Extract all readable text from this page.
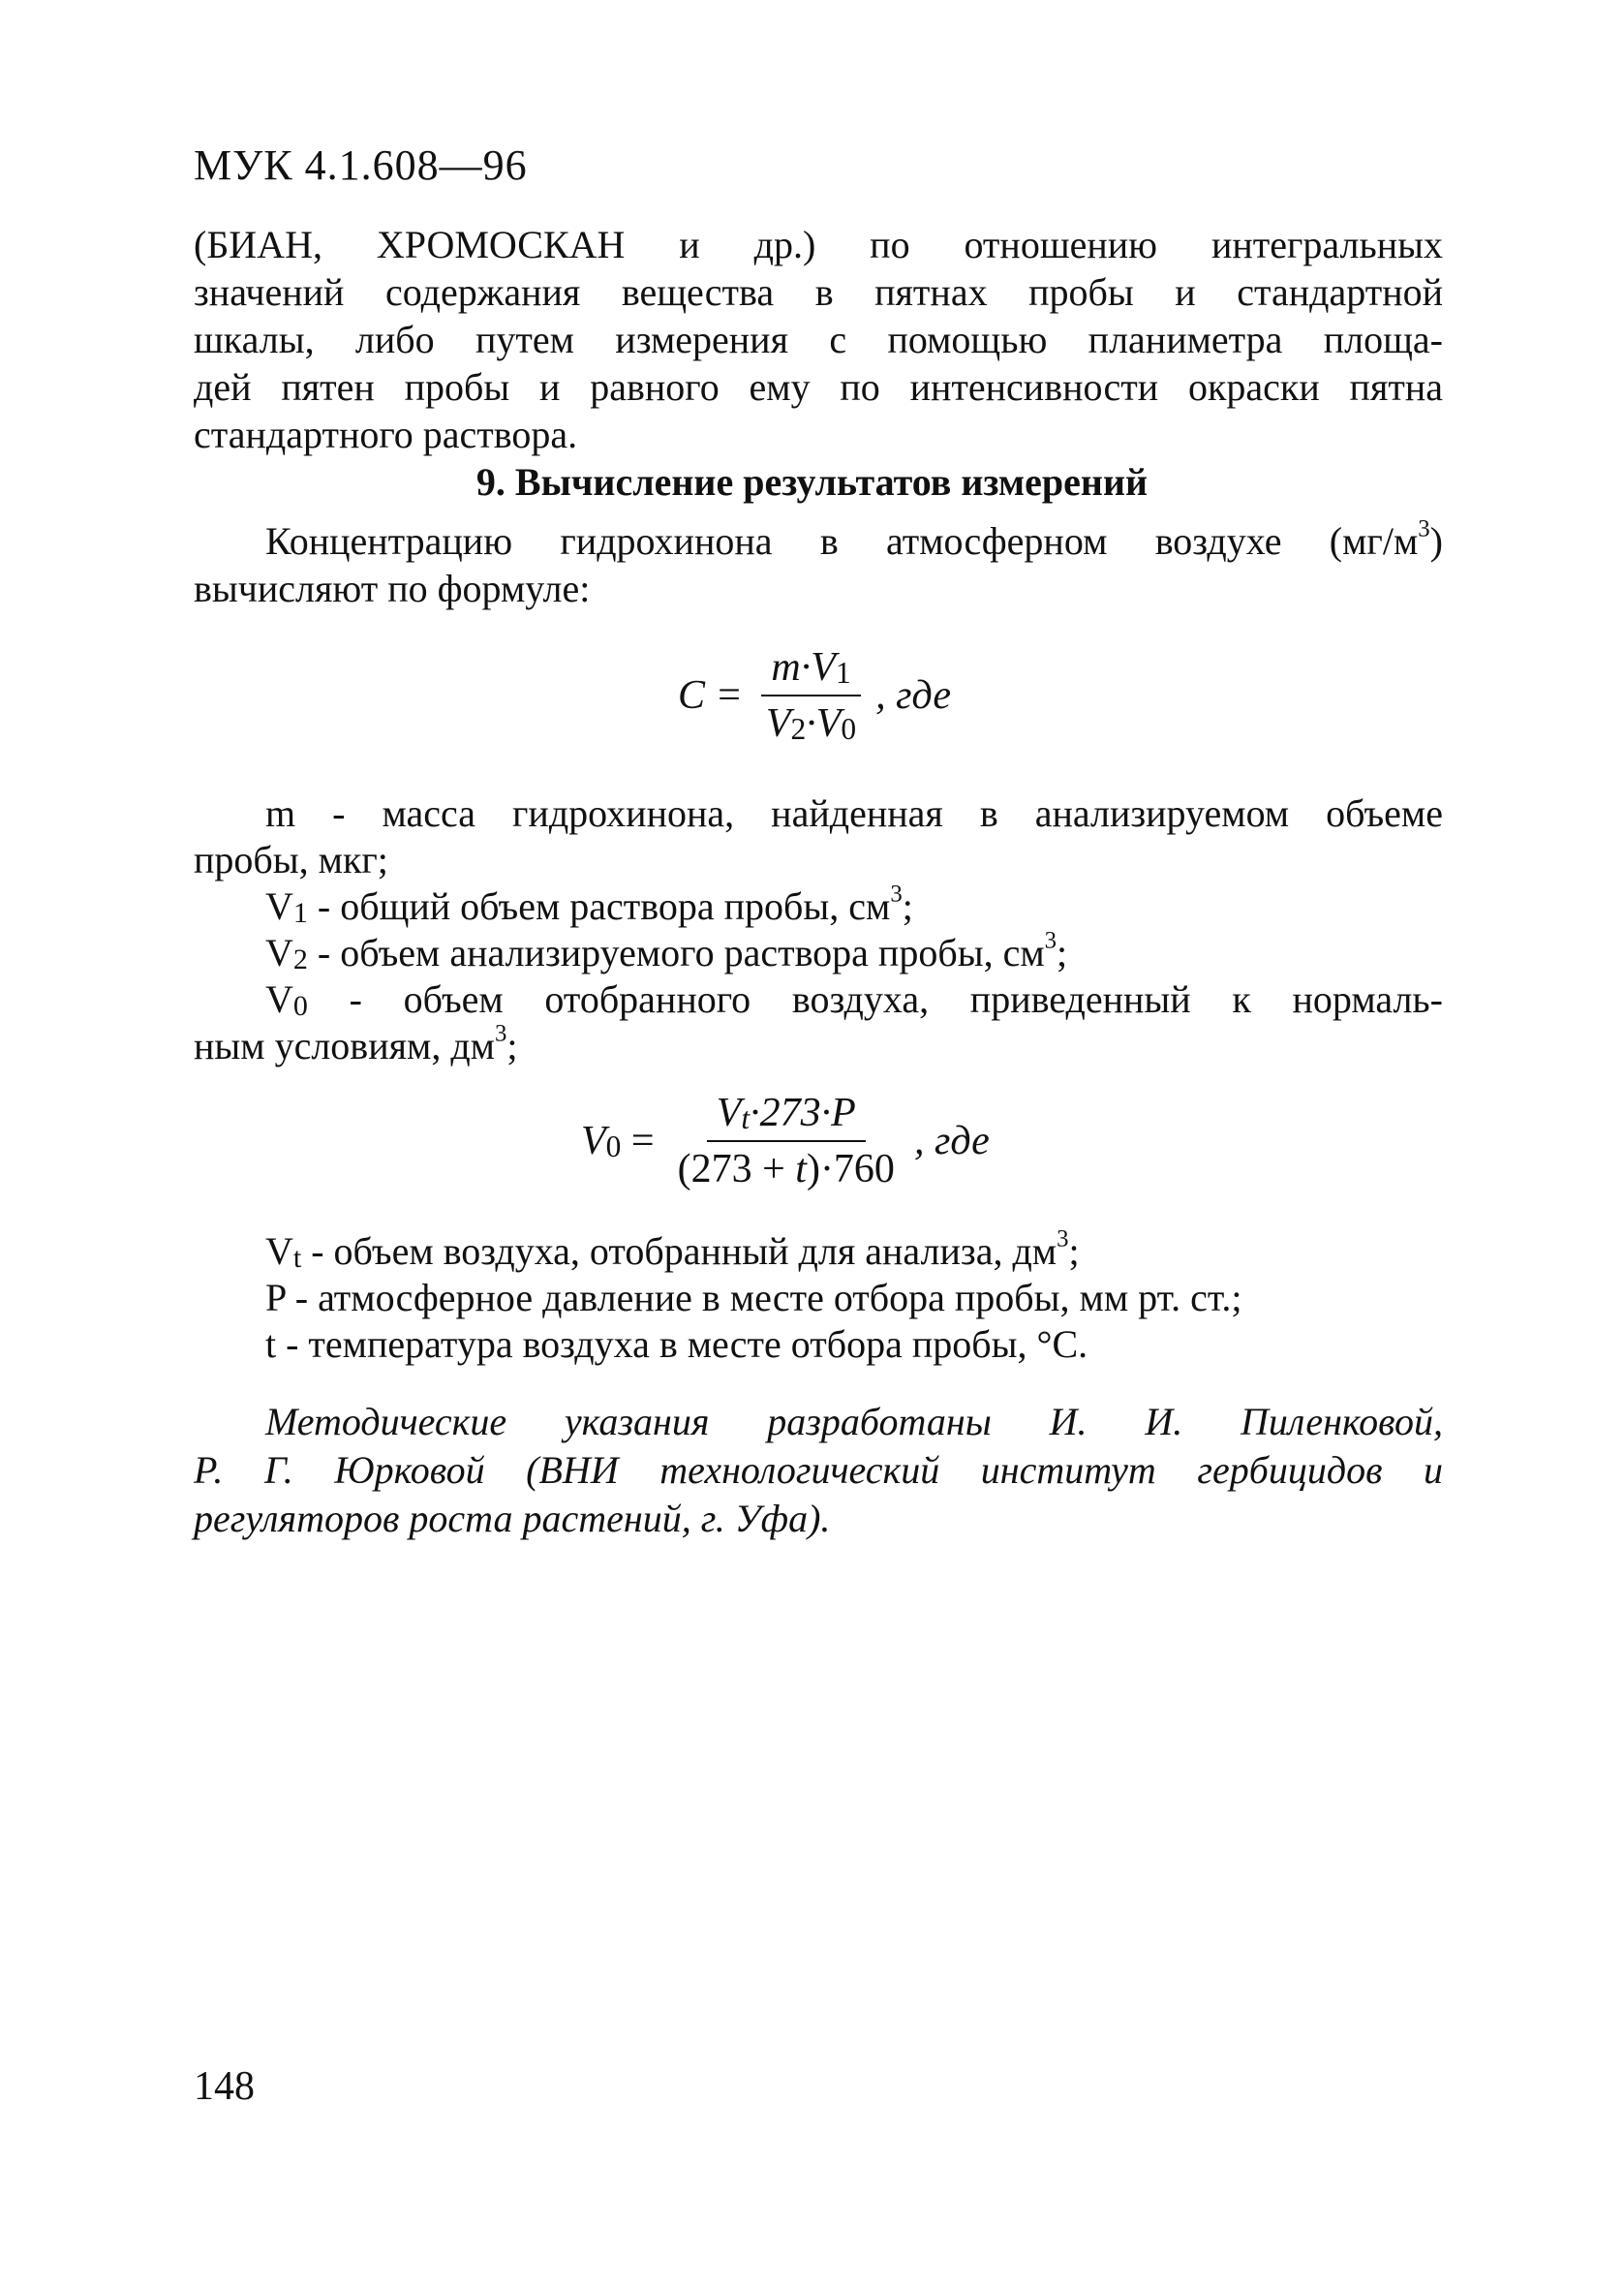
МУК 4.1.608—96
(БИАН, ХРОМОСКАН и др.) по отношению интегральных
значений содержания вещества в пятнах пробы и стандартной
шкалы, либо путем измерения с помощью планиметра площа-
дей пятен пробы и равного ему по интенсивности окраски пятна
стандартного раствора.
9. Вычисление результатов измерений
Концентрацию гидрохинона в атмосферном воздухе $(мг/м^3)$
вычисляют по формуле:
$C = \frac{m\cdot V_1}{V_2\cdot V_0}$ , где
m - масса гидрохинона, найденная в анализируемом объеме
пробы, мкг;
$V_1$ - общий объем раствора пробы, $см^3$;
$V_2$ - объем анализируемого раствора пробы, $см^3$;
$V_0$ - объем отобранного воздуха, приведенный к нормаль-
ным условиям, $дм^3$;
$V_0 = \frac{V_t\cdot 273\cdot P}{(273 + t)\cdot 760}$ , где
$V_t$ - объем воздуха, отобранный для анализа, $дм^3$;
P - атмосферное давление в месте отбора пробы, мм рт. ст.;
t - температура воздуха в месте отбора пробы, °С.
Методические указания разработаны И. И. Пиленковой,
Р. Г. Юрковой (ВНИ технологический институт гербицидов и
регуляторов роста растений, г. Уфа).
148
